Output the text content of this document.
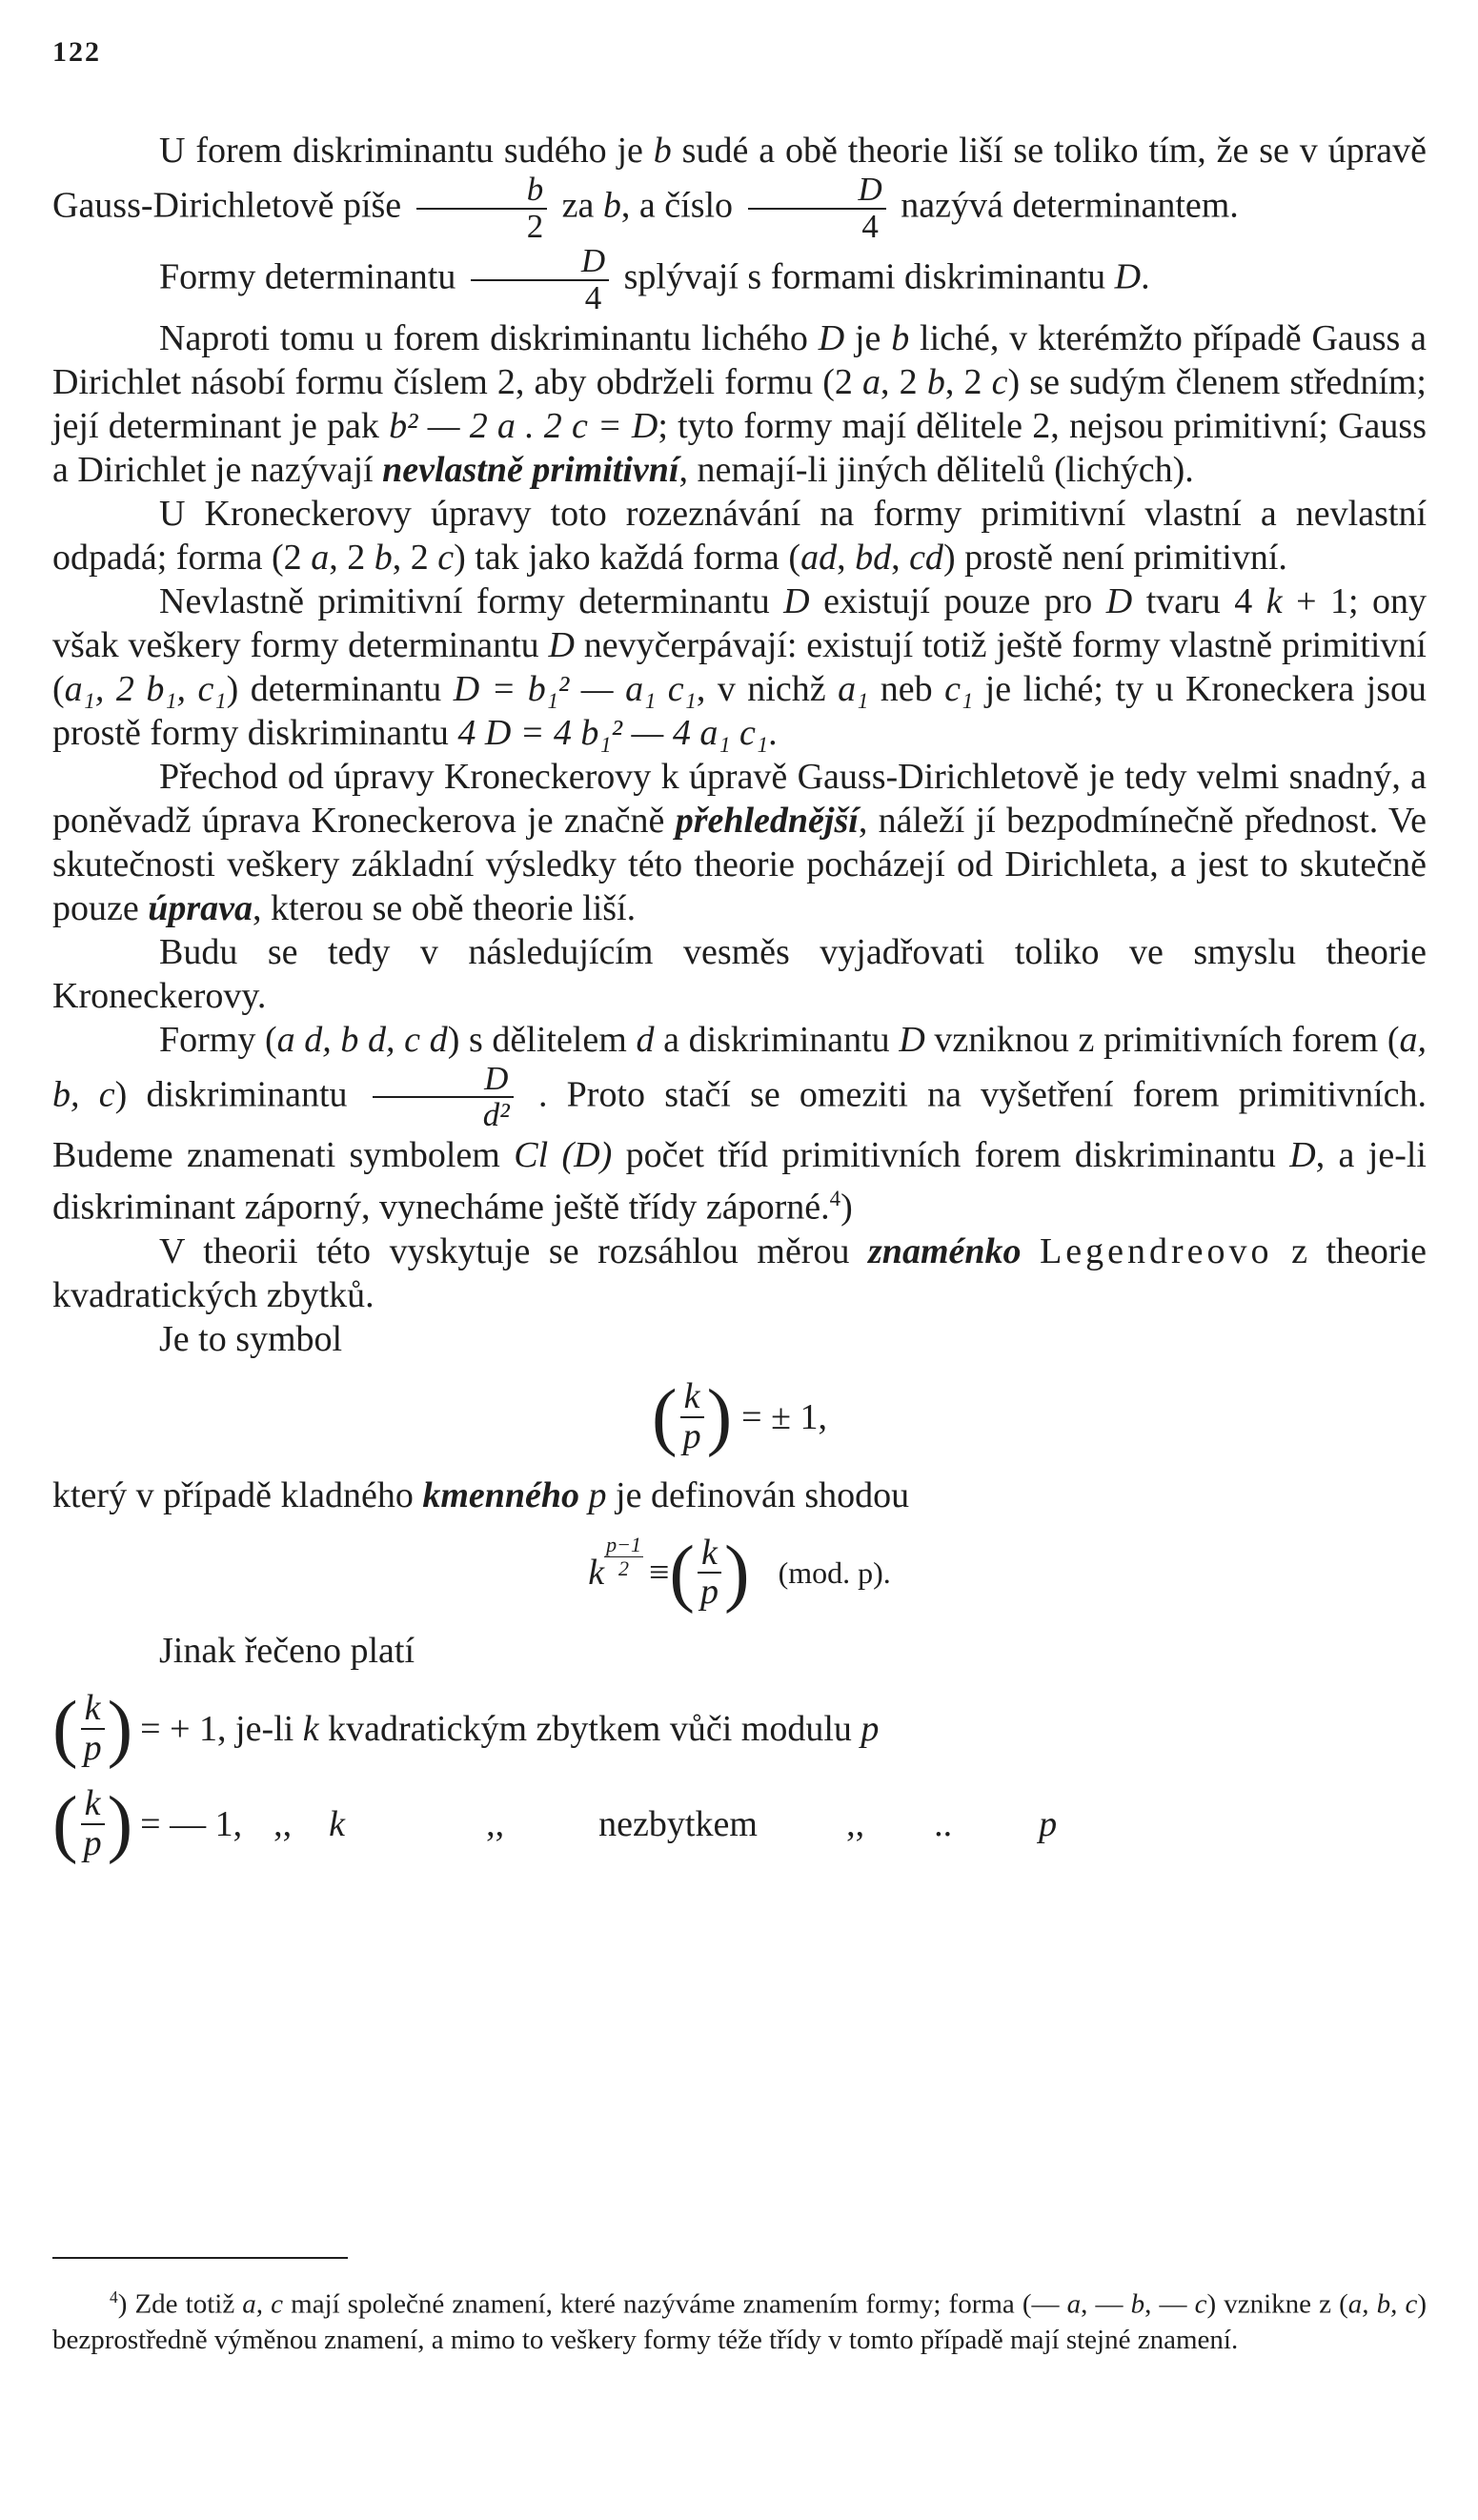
122

U forem diskriminantu sudého je b sudé a obě theorie liší se toliko tím, že se v úpravě Gauss-Dirichletově píše $\frac{b}{2}$ za b, a číslo $\frac{D}{4}$ nazývá determinantem.

Formy determinantu $\frac{D}{4}$ splývají s formami diskriminantu D.

Naproti tomu u forem diskriminantu lichého D je b liché, v kterémžto případě Gauss a Dirichlet násobí formu číslem 2, aby obdrželi formu (2 a, 2 b, 2 c) se sudým členem středním; její determinant je pak b² — 2 a . 2 c = D; tyto formy mají dělitele 2, nejsou primitivní; Gauss a Dirichlet je nazývají nevlastně primitivní, nemají-li jiných dělitelů (lichých).

U Kroneckerovy úpravy toto rozeznávání na formy primitivní vlastní a nevlastní odpadá; forma (2 a, 2 b, 2 c) tak jako každá forma (ad, bd, cd) prostě není primitivní.

Nevlastně primitivní formy determinantu D existují pouze pro D tvaru 4 k + 1; ony však veškery formy determinantu D nevyčerpávají: existují totiž ještě formy vlastně primitivní (a₁, 2 b₁, c₁) determinantu D = b₁² — a₁ c₁, v nichž a₁ neb c₁ je liché; ty u Kroneckera jsou prostě formy diskriminantu 4 D = 4 b₁² — 4 a₁ c₁.

Přechod od úpravy Kroneckerovy k úpravě Gauss-Dirichletově je tedy velmi snadný, a poněvadž úprava Kroneckerova je značně přehlednější, náleží jí bezpodmínečně přednost. Ve skutečnosti veškery základní výsledky této theorie pocházejí od Dirichleta, a jest to skutečně pouze úprava, kterou se obě theorie liší.

Budu se tedy v následujícím vesměs vyjadřovati toliko ve smyslu theorie Kroneckerovy.

Formy (a d, b d, c d) s dělitelem d a diskriminantu D vzniknou z primitivních forem (a, b, c) diskriminantu $\frac{D}{\text{d²}}$ . Proto stačí se omeziti na vyšetření forem primitivních. Budeme znamenati symbolem Cl (D) počet tříd primitivních forem diskriminantu D, a je-li diskriminant záporný, vynecháme ještě třídy záporné.$^4$)

V theorii této vyskytuje se rozsáhlou měrou znaménko Legendreovo z theorie kvadratických zbytků.

Je to symbol

( k
p ) = ± 1,

který v případě kladného kmenného p je definován shodou

k
p−1
2 ≡ ( k
p ) (mod. p).

Jinak řečeno platí

( k
p ) = + 1, je-li k kvadratickým zbytkem vůči modulu p
( k
p ) = — 1, ,,	k	,,	nezbytkem	,,	..	p

$^4$) Zde totiž a, c mají společné znamení, které nazýváme znamením formy; forma (— a, — b, — c) vznikne z (a, b, c) bezprostředně výměnou znamení, a mimo to veškery formy téže třídy v tomto případě mají stejné znamení.
